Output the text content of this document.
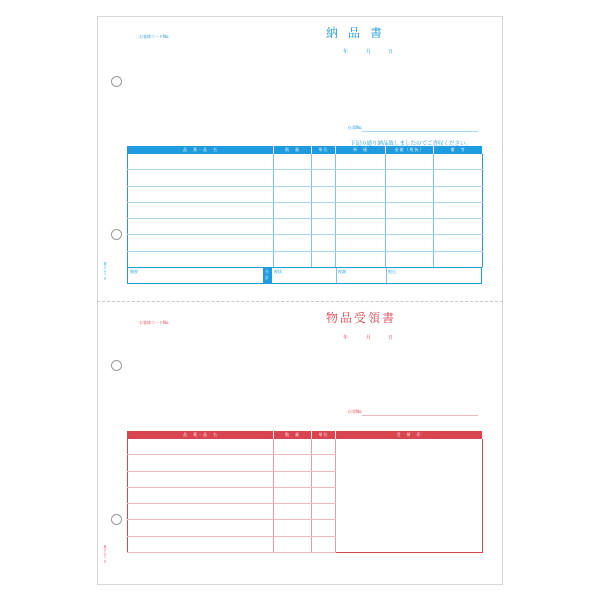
お客様コードNo.	納品書
年	月	日
伝票No.
下記の通り納品致しましたのでご査収ください。
品　番・品　名	数　量	単位	単　価	金額（税抜）	備　考

摘要	合計
税抜	税額	税込
日 ヒサゴ(株)
お客様コードNo.	物品受領書
年	月	日
伝票No.
品　番・品　名	数　量	単位	受　領　印

日 ヒサゴ(株)
